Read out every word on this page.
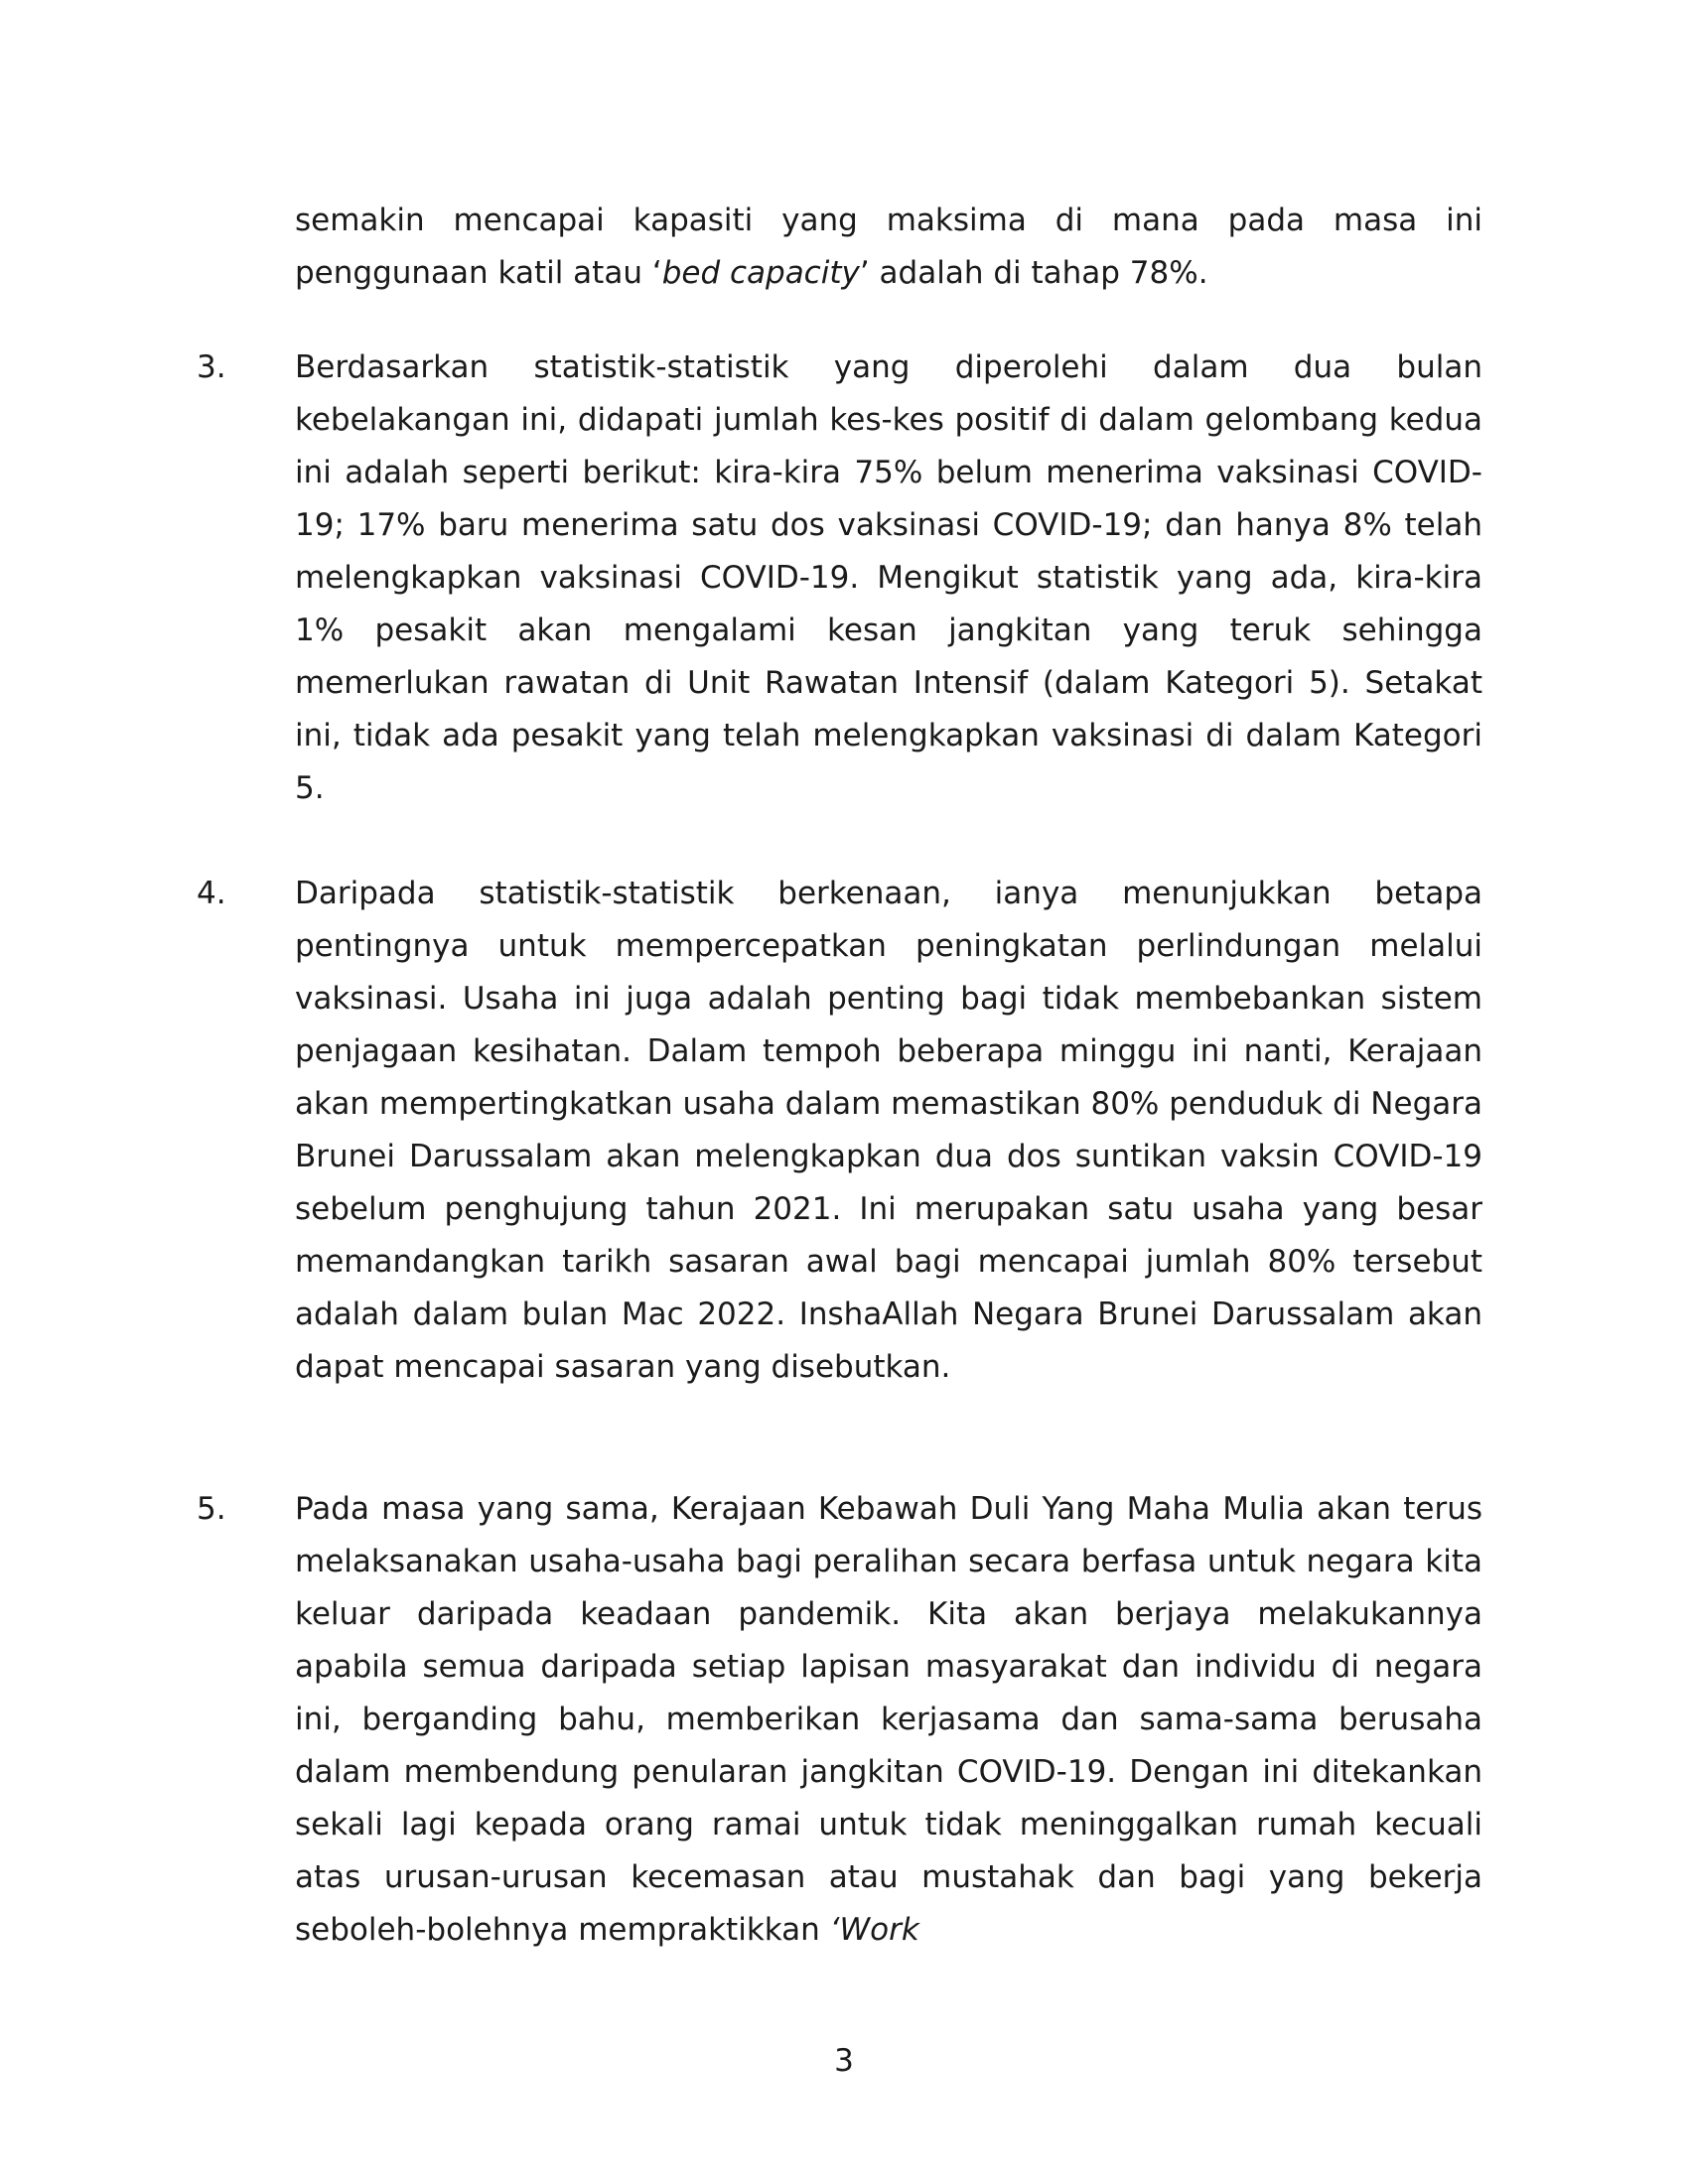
semakin mencapai kapasiti yang maksima di mana pada masa ini penggunaan katil atau ‘bed capacity’ adalah di tahap 78%.

3. Berdasarkan statistik-statistik yang diperolehi dalam dua bulan kebelakangan ini, didapati jumlah kes-kes positif di dalam gelombang kedua ini adalah seperti berikut: kira-kira 75% belum menerima vaksinasi COVID-19; 17% baru menerima satu dos vaksinasi COVID-19; dan hanya 8% telah melengkapkan vaksinasi COVID-19. Mengikut statistik yang ada, kira-kira 1% pesakit akan mengalami kesan jangkitan yang teruk sehingga memerlukan rawatan di Unit Rawatan Intensif (dalam Kategori 5). Setakat ini, tidak ada pesakit yang telah melengkapkan vaksinasi di dalam Kategori 5.

4. Daripada statistik-statistik berkenaan, ianya menunjukkan betapa pentingnya untuk mempercepatkan peningkatan perlindungan melalui vaksinasi. Usaha ini juga adalah penting bagi tidak membebankan sistem penjagaan kesihatan. Dalam tempoh beberapa minggu ini nanti, Kerajaan akan mempertingkatkan usaha dalam memastikan 80% penduduk di Negara Brunei Darussalam akan melengkapkan dua dos suntikan vaksin COVID-19 sebelum penghujung tahun 2021. Ini merupakan satu usaha yang besar memandangkan tarikh sasaran awal bagi mencapai jumlah 80% tersebut adalah dalam bulan Mac 2022. InshaAllah Negara Brunei Darussalam akan dapat mencapai sasaran yang disebutkan.

5. Pada masa yang sama, Kerajaan Kebawah Duli Yang Maha Mulia akan terus melaksanakan usaha-usaha bagi peralihan secara berfasa untuk negara kita keluar daripada keadaan pandemik. Kita akan berjaya melakukannya apabila semua daripada setiap lapisan masyarakat dan individu di negara ini, berganding bahu, memberikan kerjasama dan sama-sama berusaha dalam membendung penularan jangkitan COVID-19. Dengan ini ditekankan sekali lagi kepada orang ramai untuk tidak meninggalkan rumah kecuali atas urusan-urusan kecemasan atau mustahak dan bagi yang bekerja seboleh-bolehnya mempraktikkan ‘Work

3
